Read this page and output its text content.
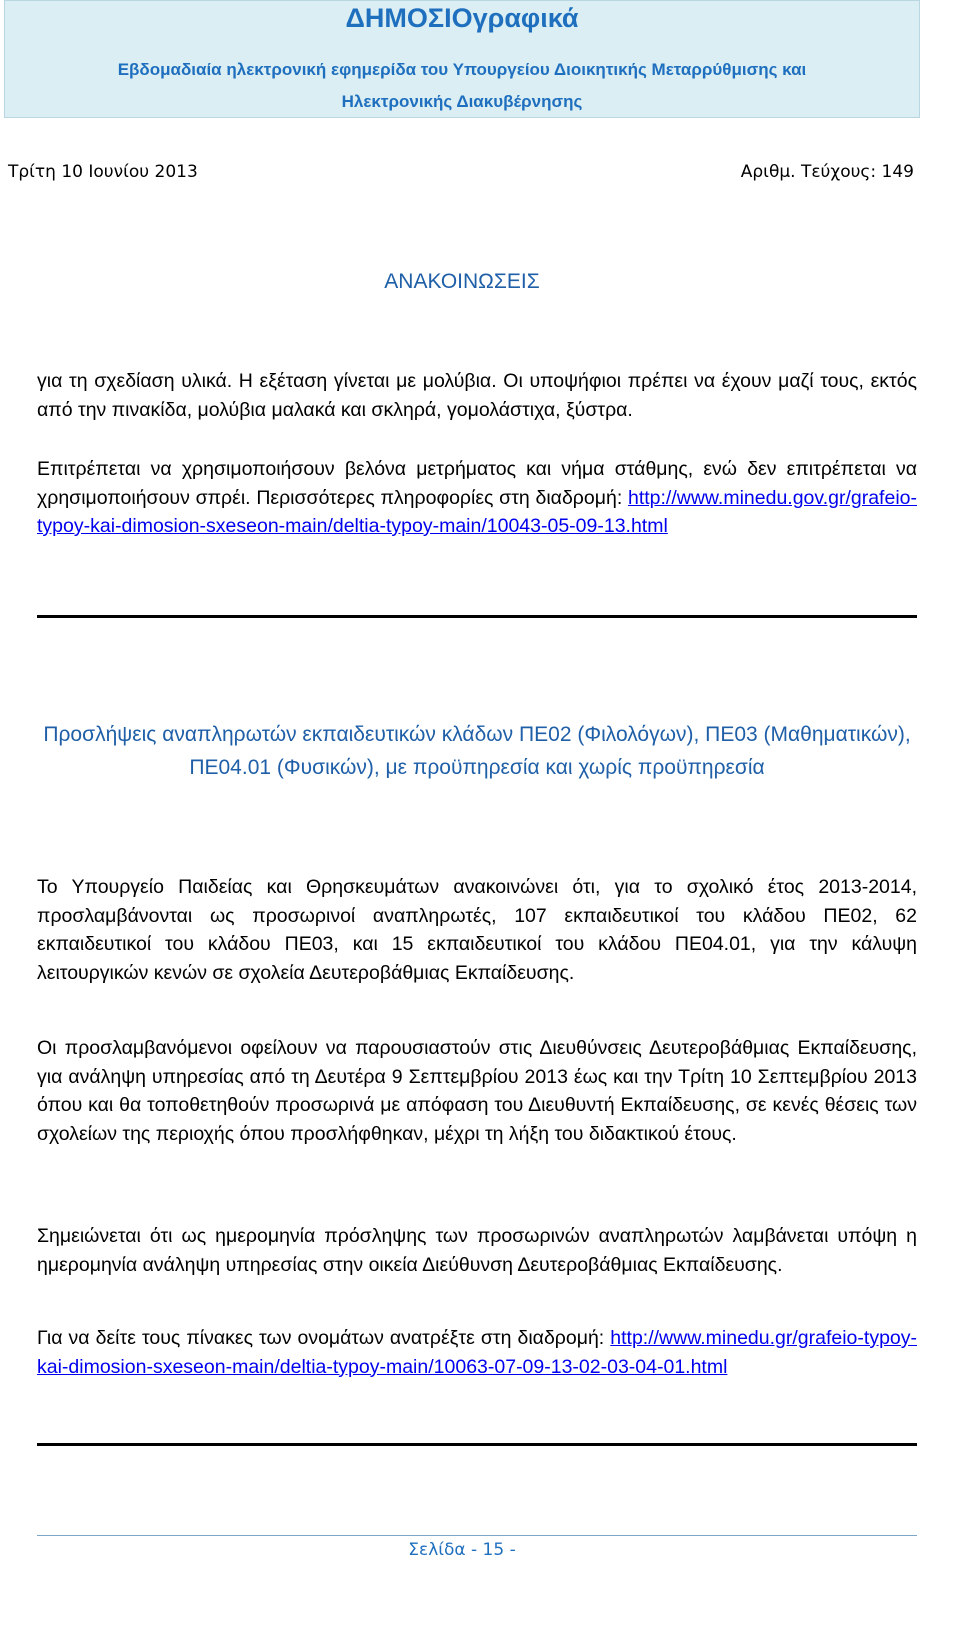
ΔΗΜΟΣΙΟγραφικά
Εβδομαδιαία ηλεκτρονική εφημερίδα του Υπουργείου Διοικητικής Μεταρρύθμισης και
Ηλεκτρονικής Διακυβέρνησης
Τρίτη 10 Ιουνίου 2013	Αριθμ. Τεύχους: 149
ΑΝΑΚΟΙΝΩΣΕΙΣ
για τη σχεδίαση υλικά. Η εξέταση γίνεται με μολύβια. Οι υποψήφιοι πρέπει να έχουν μαζί τους, εκτός από την πινακίδα, μολύβια μαλακά και σκληρά, γομολάστιχα, ξύστρα.
Επιτρέπεται να χρησιμοποιήσουν βελόνα μετρήματος και νήμα στάθμης, ενώ δεν επιτρέπεται να χρησιμοποιήσουν σπρέι. Περισσότερες πληροφορίες στη διαδρομή: http://www.minedu.gov.gr/grafeio-typoy-kai-dimosion-sxeseon-main/deltia-typoy-main/10043-05-09-13.html
Προσλήψεις αναπληρωτών εκπαιδευτικών κλάδων ΠΕ02 (Φιλολόγων), ΠΕ03 (Μαθηματικών), ΠΕ04.01 (Φυσικών), με προϋπηρεσία και χωρίς προϋπηρεσία
Το Υπουργείο Παιδείας και Θρησκευμάτων ανακοινώνει ότι, για το σχολικό έτος 2013-2014, προσλαμβάνονται ως προσωρινοί αναπληρωτές, 107 εκπαιδευτικοί του κλάδου ΠΕ02, 62 εκπαιδευτικοί του κλάδου ΠΕ03, και 15 εκπαιδευτικοί του κλάδου ΠΕ04.01, για την κάλυψη λειτουργικών κενών σε σχολεία Δευτεροβάθμιας Εκπαίδευσης.
Οι προσλαμβανόμενοι οφείλουν να παρουσιαστούν στις Διευθύνσεις Δευτεροβάθμιας Εκπαίδευσης, για ανάληψη υπηρεσίας από τη Δευτέρα 9 Σεπτεμβρίου 2013 έως και την Τρίτη 10 Σεπτεμβρίου 2013 όπου και θα τοποθετηθούν προσωρινά με απόφαση του Διευθυντή Εκπαίδευσης, σε κενές θέσεις των σχολείων της περιοχής όπου προσλήφθηκαν, μέχρι τη λήξη του διδακτικού έτους.
Σημειώνεται ότι ως ημερομηνία πρόσληψης των προσωρινών αναπληρωτών λαμβάνεται υπόψη η ημερομηνία ανάληψη υπηρεσίας στην οικεία Διεύθυνση Δευτεροβάθμιας Εκπαίδευσης.
Για να δείτε τους πίνακες των ονομάτων ανατρέξτε στη διαδρομή: http://www.minedu.gr/grafeio-typoy-kai-dimosion-sxeseon-main/deltia-typoy-main/10063-07-09-13-02-03-04-01.html
Σελίδα - 15 -
